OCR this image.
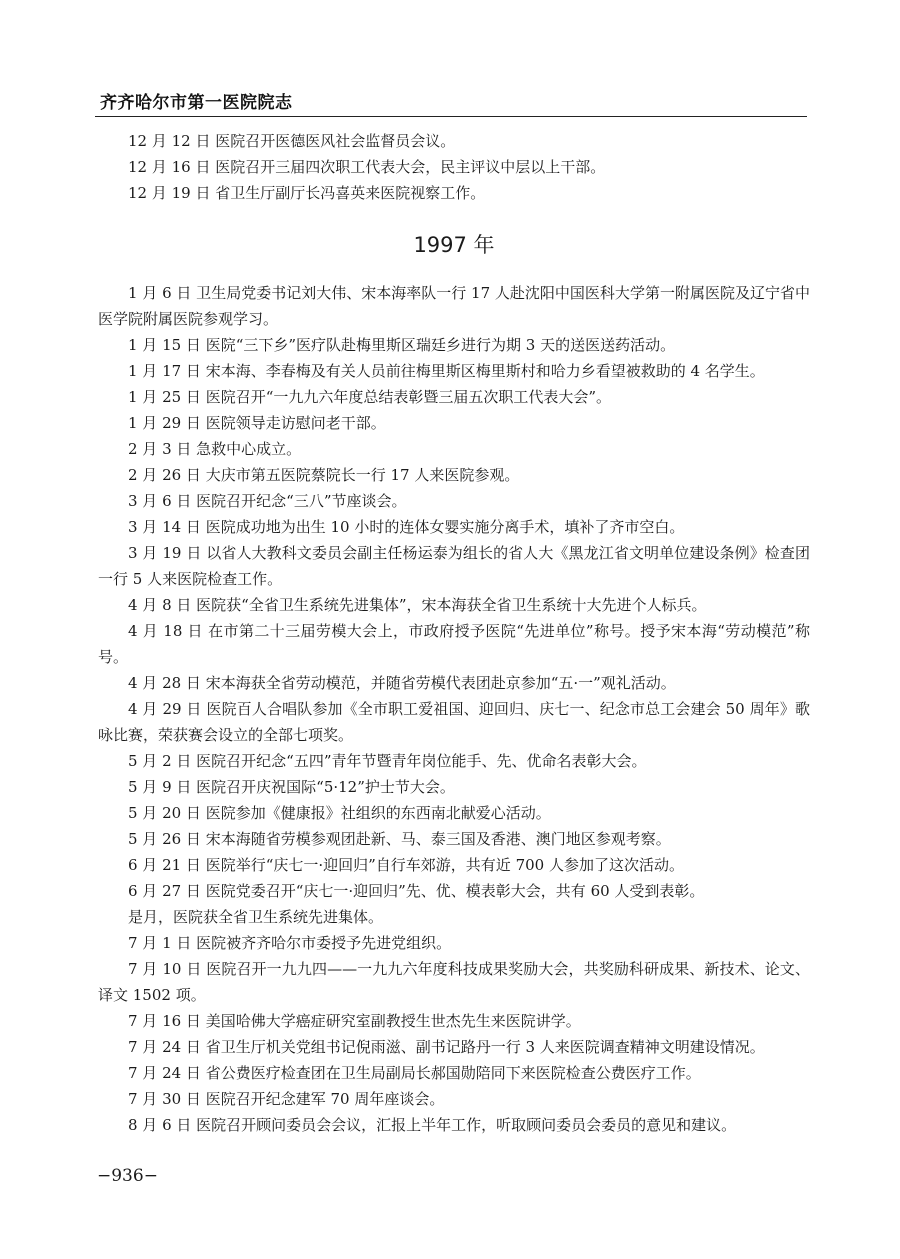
齐齐哈尔市第一医院院志

12 月 12 日 医院召开医德医风社会监督员会议。

12 月 16 日 医院召开三届四次职工代表大会，民主评议中层以上干部。

12 月 19 日 省卫生厅副厅长冯喜英来医院视察工作。

1997 年

1 月 6 日 卫生局党委书记刘大伟、宋本海率队一行 17 人赴沈阳中国医科大学第一附属医院及辽宁省中医学院附属医院参观学习。

1 月 15 日 医院“三下乡”医疗队赴梅里斯区瑞廷乡进行为期 3 天的送医送药活动。

1 月 17 日 宋本海、李春梅及有关人员前往梅里斯区梅里斯村和哈力乡看望被救助的 4 名学生。

1 月 25 日 医院召开“一九九六年度总结表彰暨三届五次职工代表大会”。

1 月 29 日 医院领导走访慰问老干部。

2 月 3 日 急救中心成立。

2 月 26 日 大庆市第五医院蔡院长一行 17 人来医院参观。

3 月 6 日 医院召开纪念“三八”节座谈会。

3 月 14 日 医院成功地为出生 10 小时的连体女婴实施分离手术，填补了齐市空白。

3 月 19 日 以省人大教科文委员会副主任杨运泰为组长的省人大《黑龙江省文明单位建设条例》检查团一行 5 人来医院检查工作。

4 月 8 日 医院获“全省卫生系统先进集体”，宋本海获全省卫生系统十大先进个人标兵。

4 月 18 日 在市第二十三届劳模大会上，市政府授予医院“先进单位”称号。授予宋本海“劳动模范”称号。

4 月 28 日 宋本海获全省劳动模范，并随省劳模代表团赴京参加“五·一”观礼活动。

4 月 29 日 医院百人合唱队参加《全市职工爱祖国、迎回归、庆七一、纪念市总工会建会 50 周年》歌咏比赛，荣获赛会设立的全部七项奖。

5 月 2 日 医院召开纪念“五四”青年节暨青年岗位能手、先、优命名表彰大会。

5 月 9 日 医院召开庆祝国际“5·12”护士节大会。

5 月 20 日 医院参加《健康报》社组织的东西南北献爱心活动。

5 月 26 日 宋本海随省劳模参观团赴新、马、泰三国及香港、澳门地区参观考察。

6 月 21 日 医院举行“庆七一·迎回归”自行车郊游，共有近 700 人参加了这次活动。

6 月 27 日 医院党委召开“庆七一·迎回归”先、优、模表彰大会，共有 60 人受到表彰。

是月，医院获全省卫生系统先进集体。

7 月 1 日 医院被齐齐哈尔市委授予先进党组织。

7 月 10 日 医院召开一九九四——一九九六年度科技成果奖励大会，共奖励科研成果、新技术、论文、译文 1502 项。

7 月 16 日 美国哈佛大学癌症研究室副教授生世杰先生来医院讲学。

7 月 24 日 省卫生厅机关党组书记倪雨滋、副书记路丹一行 3 人来医院调查精神文明建设情况。

7 月 24 日 省公费医疗检查团在卫生局副局长郝国勋陪同下来医院检查公费医疗工作。

7 月 30 日 医院召开纪念建军 70 周年座谈会。

8 月 6 日 医院召开顾问委员会会议，汇报上半年工作，听取顾问委员会委员的意见和建议。

−936−
